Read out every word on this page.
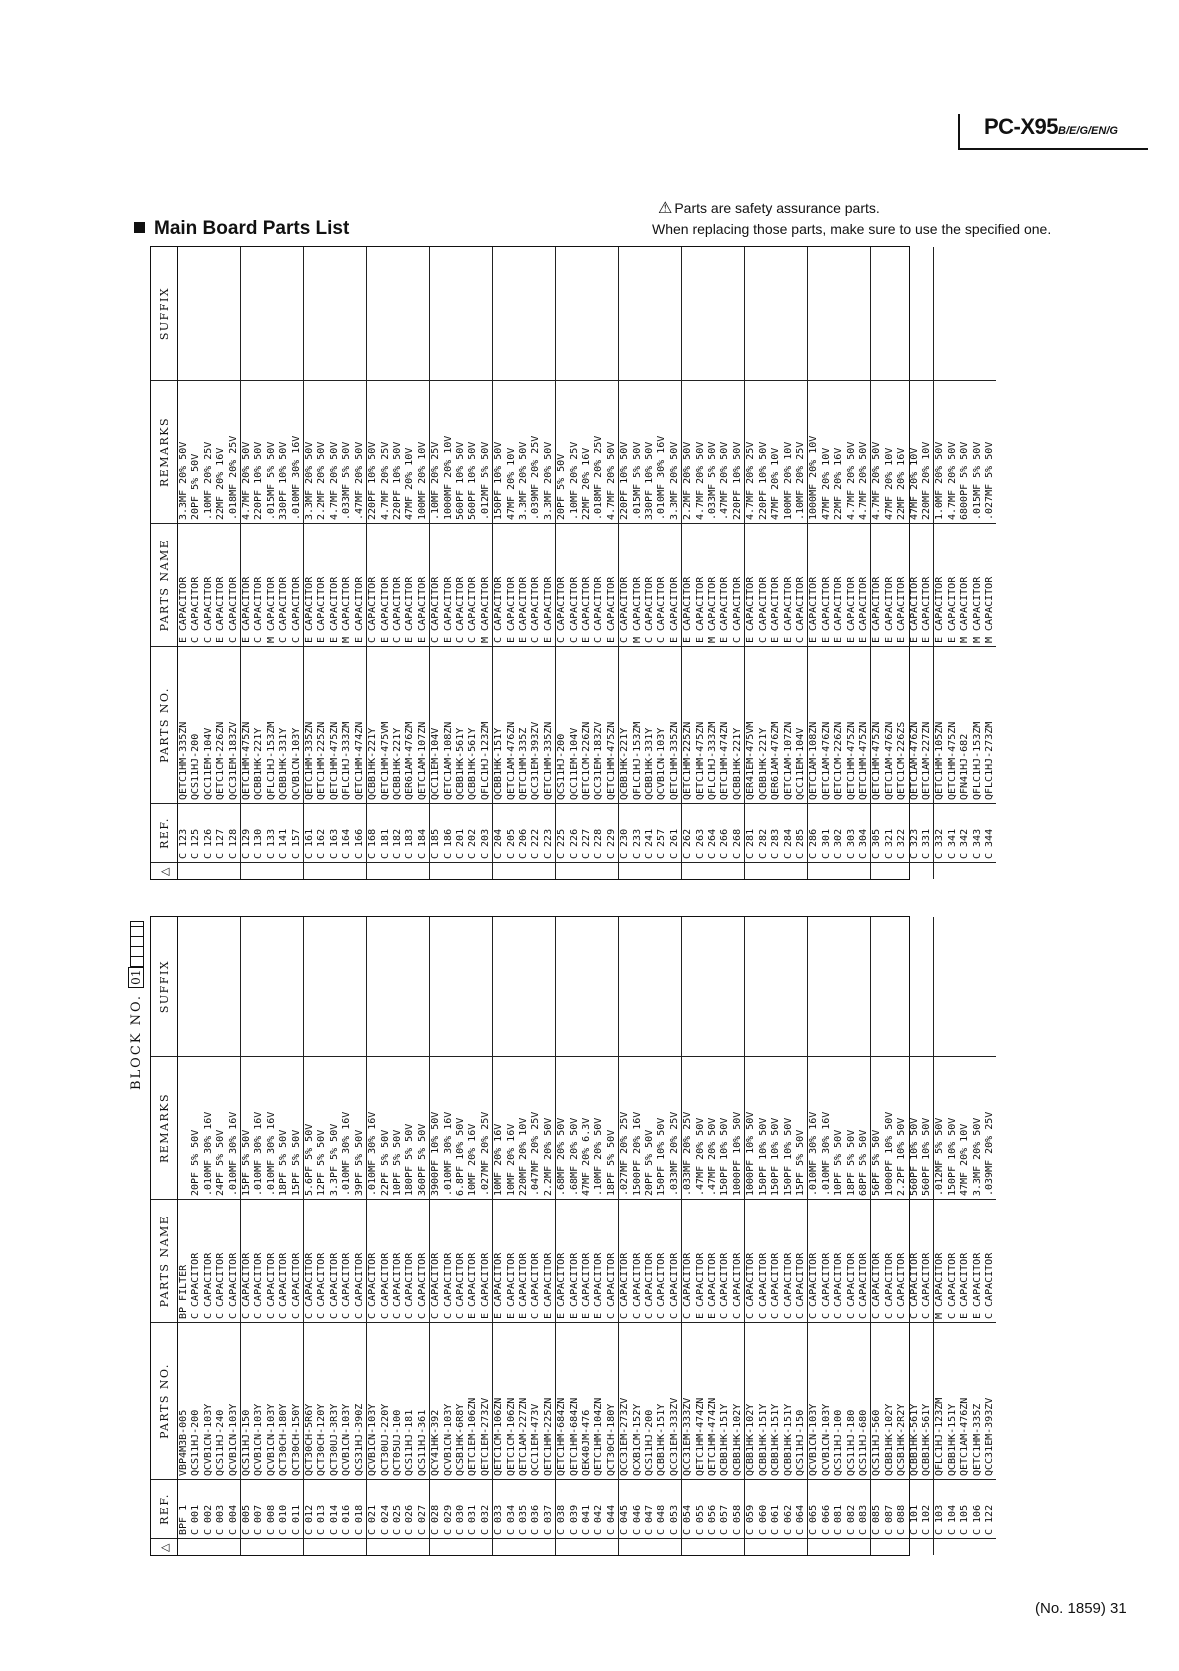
PC-X95B/E/G/EN/G
⚠ Parts are safety assurance parts.
When replacing those parts, make sure to use the specified one.
Main Board Parts List
△	REF.	PARTS NO.	PARTS NAME	REMARKS	SUFFIX
	C 123	QETC1HM-335ZN	E CAPACITOR	3.3MF 20% 50V	
	C 125	QCS11HJ-200	C CAPACITOR	20PF 5% 50V	
	C 126	QCC11EM-104V	C CAPACITOR	.10MF 20% 25V	
	C 127	QETC1CM-226ZN	E CAPACITOR	22MF 20% 16V	
	C 128	QCC31EM-183ZV	C CAPACITOR	.018MF 20% 25V	
	C 129	QETC1HM-475ZN	E CAPACITOR	4.7MF 20% 50V	
	C 130	QCBB1HK-221Y	C CAPACITOR	220PF 10% 50V	
	C 133	QFLC1HJ-153ZM	M CAPACITOR	.015MF 5% 50V	
	C 141	QCBB1HK-331Y	C CAPACITOR	330PF 10% 50V	
	C 157	QCVB1CN-103Y	C CAPACITOR	.010MF 30% 16V	
	C 161	QETC1HM-335ZN	E CAPACITOR	3.3MF 20% 50V	
	C 162	QETC1HM-225ZN	E CAPACITOR	2.2MF 20% 50V	
	C 163	QETC1HM-475ZN	E CAPACITOR	4.7MF 20% 50V	
	C 164	QFLC1HJ-333ZM	M CAPACITOR	.033MF 5% 50V	
	C 166	QETC1HM-474ZN	E CAPACITOR	.47MF 20% 50V	
	C 168	QCBB1HK-221Y	C CAPACITOR	220PF 10% 50V	
	C 181	QETC1HM-475VM	E CAPACITOR	4.7MF 20% 25V	
	C 182	QCBB1HK-221Y	C CAPACITOR	220PF 10% 50V	
	C 183	QER61AM-476ZM	E CAPACITOR	47MF 20% 10V	
	C 184	QETC1AM-107ZN	E CAPACITOR	100MF 20% 10V	
	C 185	QCC11EM-104V	C CAPACITOR	.10MF 20% 25V	
	C 186	QETC1AM-108ZN	E CAPACITOR	1000MF 20% 10V	
	C 201	QCBB1HK-561Y	C CAPACITOR	560PF 10% 50V	
	C 202	QCBB1HK-561Y	C CAPACITOR	560PF 10% 50V	
	C 203	QFLC1HJ-123ZM	M CAPACITOR	.012MF 5% 50V	
	C 204	QCBB1HK-151Y	C CAPACITOR	150PF 10% 50V	
	C 205	QETC1AM-476ZN	E CAPACITOR	47MF 20% 10V	
	C 206	QETC1HM-335Z	E CAPACITOR	3.3MF 20% 50V	
	C 222	QCC31EM-393ZV	C CAPACITOR	.039MF 20% 25V	
	C 223	QETC1HM-335ZN	E CAPACITOR	3.3MF 20% 50V	
	C 225	QCS11HJ-200	C CAPACITOR	20PF 5% 50V	
	C 226	QCC11EM-104V	C CAPACITOR	.10MF 20% 25V	
	C 227	QETC1CM-226ZN	E CAPACITOR	22MF 20% 16V	
	C 228	QCC31EM-183ZV	C CAPACITOR	.018MF 20% 25V	
	C 229	QETC1HM-475ZN	E CAPACITOR	4.7MF 20% 50V	
	C 230	QCBB1HK-221Y	C CAPACITOR	220PF 10% 50V	
	C 233	QFLC1HJ-153ZM	M CAPACITOR	.015MF 5% 50V	
	C 241	QCBB1HK-331Y	C CAPACITOR	330PF 10% 50V	
	C 257	QCVB1CN-103Y	C CAPACITOR	.010MF 30% 16V	
	C 261	QETC1HM-335ZN	E CAPACITOR	3.3MF 20% 50V	
	C 262	QETC1HM-225ZN	E CAPACITOR	2.2MF 20% 50V	
	C 263	QETC1HM-475ZN	E CAPACITOR	4.7MF 20% 50V	
	C 264	QFLC1HJ-333ZM	M CAPACITOR	.033MF 5% 50V	
	C 266	QETC1HM-474ZN	E CAPACITOR	.47MF 20% 50V	
	C 268	QCBB1HK-221Y	C CAPACITOR	220PF 10% 50V	
	C 281	QER41EM-475VM	E CAPACITOR	4.7MF 20% 25V	
	C 282	QCBB1HK-221Y	C CAPACITOR	220PF 10% 50V	
	C 283	QER61AM-476ZM	E CAPACITOR	47MF 20% 10V	
	C 284	QETC1AM-107ZN	E CAPACITOR	100MF 20% 10V	
	C 285	QCC11EM-104V	C CAPACITOR	.10MF 20% 25V	
	C 286	QETC1AM-108ZN	E CAPACITOR	1000MF 20% 10V	
	C 301	QETC1AM-476ZN	E CAPACITOR	47MF 20% 10V	
	C 302	QETC1CM-226ZN	E CAPACITOR	22MF 20% 16V	
	C 303	QETC1HM-475ZN	E CAPACITOR	4.7MF 20% 50V	
	C 304	QETC1HM-475ZN	E CAPACITOR	4.7MF 20% 50V	
	C 305	QETC1HM-475ZN	E CAPACITOR	4.7MF 20% 50V	
	C 321	QETC1AM-476ZN	E CAPACITOR	47MF 20% 10V	
	C 322	QETC1CM-226ZS	E CAPACITOR	22MF 20% 16V	
	C 323	QETC1AM-476ZN	E CAPACITOR	47MF 20% 10V	
	C 331	QETC1AM-227ZN	E CAPACITOR	220MF 20% 10V	
	C 332	QETC1HM-105ZN	E CAPACITOR	1.0MF 20% 50V	
	C 341	QETC1HM-475ZN	E CAPACITOR	4.7MF 20% 50V	
	C 342	QFN41HJ-682	M CAPACITOR	6800PF 5% 50V	
	C 343	QFLC1HJ-153ZM	M CAPACITOR	.015MF 5% 50V	
	C 344	QFLC1HJ-273ZM	M CAPACITOR	.027MF 5% 50V	
BLOCK NO. 01
△	REF.	PARTS NO.	PARTS NAME	REMARKS	SUFFIX
	BPF 1	VBP4M3B-005	BP FILTER		
	C 001	QCS11HJ-200	C CAPACITOR	20PF 5% 50V	
	C 002	QCVB1CN-103Y	C CAPACITOR	.010MF 30% 16V	
	C 003	QCS11HJ-240	C CAPACITOR	24PF 5% 50V	
	C 004	QCVB1CN-103Y	C CAPACITOR	.010MF 30% 16V	
	C 005	QCS11HJ-150	C CAPACITOR	15PF 5% 50V	
	C 007	QCVB1CN-103Y	C CAPACITOR	.010MF 30% 16V	
	C 008	QCVB1CN-103Y	C CAPACITOR	.010MF 30% 16V	
	C 010	QCT30CH-180Y	C CAPACITOR	18PF 5% 50V	
	C 011	QCT30CH-150Y	C CAPACITOR	15PF 5% 50V	
	C 012	QCT30CH-5R6Y	C CAPACITOR	5.6PF 5% 50V	
	C 013	QCT30CH-120Y	C CAPACITOR	12PF 5% 50V	
	C 014	QCT30UJ-3R3Y	C CAPACITOR	3.3PF 5% 50V	
	C 016	QCVB1CN-103Y	C CAPACITOR	.010MF 30% 16V	
	C 018	QCS31HJ-390Z	C CAPACITOR	39PF 5% 50V	
	C 021	QCVB1CN-103Y	C CAPACITOR	.010MF 30% 16V	
	C 024	QCT30UJ-220Y	C CAPACITOR	22PF 5% 50V	
	C 025	QCT05UJ-100	C CAPACITOR	10PF 5% 50V	
	C 026	QCS11HJ-181	C CAPACITOR	180PF 5% 50V	
	C 027	QCS11HJ-361	C CAPACITOR	360PF 5% 50V	
	C 028	QCY41HK-392	C CAPACITOR	3900PF 10% 50V	
	C 029	QCVB1CN-103Y	C CAPACITOR	.010MF 30% 16V	
	C 030	QCSB1HK-6R8Y	C CAPACITOR	6.8PF 10% 50V	
	C 031	QETC1EM-106ZN	E CAPACITOR	10MF 20% 16V	
	C 032	QETC1EM-273ZV	E CAPACITOR	.027MF 20% 25V	
	C 033	QETC1CM-106ZN	E CAPACITOR	10MF 20% 16V	
	C 034	QETC1CM-106ZN	E CAPACITOR	10MF 20% 16V	
	C 035	QETC1AM-227ZN	E CAPACITOR	220MF 20% 10V	
	C 036	QCC11EM-473V	C CAPACITOR	.047MF 20% 25V	
	C 037	QETC1HM-225ZN	E CAPACITOR	2.2MF 20% 50V	
	C 038	QETC1HM-684ZN	E CAPACITOR	.68MF 20% 50V	
	C 039	QETC1HM-684ZN	E CAPACITOR	.68MF 20% 50V	
	C 041	QEK40JM-476	E CAPACITOR	47MF 20% 6.3V	
	C 042	QETC1HM-104ZN	E CAPACITOR	.10MF 20% 50V	
	C 044	QCT30CH-180Y	C CAPACITOR	18PF 5% 50V	
	C 045	QCC31EM-273ZV	C CAPACITOR	.027MF 20% 25V	
	C 046	QCXB1CM-152Y	C CAPACITOR	1500PF 20% 16V	
	C 047	QCS11HJ-200	C CAPACITOR	20PF 5% 50V	
	C 048	QCBB1HK-151Y	C CAPACITOR	150PF 10% 50V	
	C 053	QCC31EM-333ZV	C CAPACITOR	.033MF 20% 25V	
	C 054	QCC31EM-333ZV	C CAPACITOR	.033MF 20% 25V	
	C 055	QETC1HM-474ZN	E CAPACITOR	.47MF 20% 50V	
	C 056	QETC1HM-474ZN	E CAPACITOR	.47MF 20% 50V	
	C 057	QCBB1HK-151Y	C CAPACITOR	150PF 10% 50V	
	C 058	QCBB1HK-102Y	C CAPACITOR	1000PF 10% 50V	
	C 059	QCBB1HK-102Y	C CAPACITOR	1000PF 10% 50V	
	C 060	QCBB1HK-151Y	C CAPACITOR	150PF 10% 50V	
	C 061	QCBB1HK-151Y	C CAPACITOR	150PF 10% 50V	
	C 062	QCBB1HK-151Y	C CAPACITOR	150PF 10% 50V	
	C 064	QCS11HJ-150	C CAPACITOR	15PF 5% 50V	
	C 065	QCVB1CN-103Y	C CAPACITOR	.010MF 30% 16V	
	C 066	QCVB1CN-103Y	C CAPACITOR	.010MF 30% 16V	
	C 081	QCS11HJ-100	C CAPACITOR	10PF 5% 50V	
	C 082	QCS11HJ-180	C CAPACITOR	18PF 5% 50V	
	C 083	QCS11HJ-680	C CAPACITOR	68PF 5% 50V	
	C 085	QCS11HJ-560	C CAPACITOR	56PF 5% 50V	
	C 087	QCBB1HK-102Y	C CAPACITOR	1000PF 10% 50V	
	C 088	QCSB1HK-2R2Y	C CAPACITOR	2.2PF 10% 50V	
	C 101	QCBB1HK-561Y	C CAPACITOR	560PF 10% 50V	
	C 102	QCBB1HK-561Y	C CAPACITOR	560PF 10% 50V	
	C 103	QFLC1HJ-123ZM	M CAPACITOR	.012MF 5% 50V	
	C 104	QCBB1HK-151Y	C CAPACITOR	150PF 10% 50V	
	C 105	QETC1AM-476ZN	E CAPACITOR	47MF 20% 10V	
	C 106	QETC1HM-335Z	E CAPACITOR	3.3MF 20% 50V	
	C 122	QCC31EM-393ZV	C CAPACITOR	.039MF 20% 25V	
(No. 1859) 31
